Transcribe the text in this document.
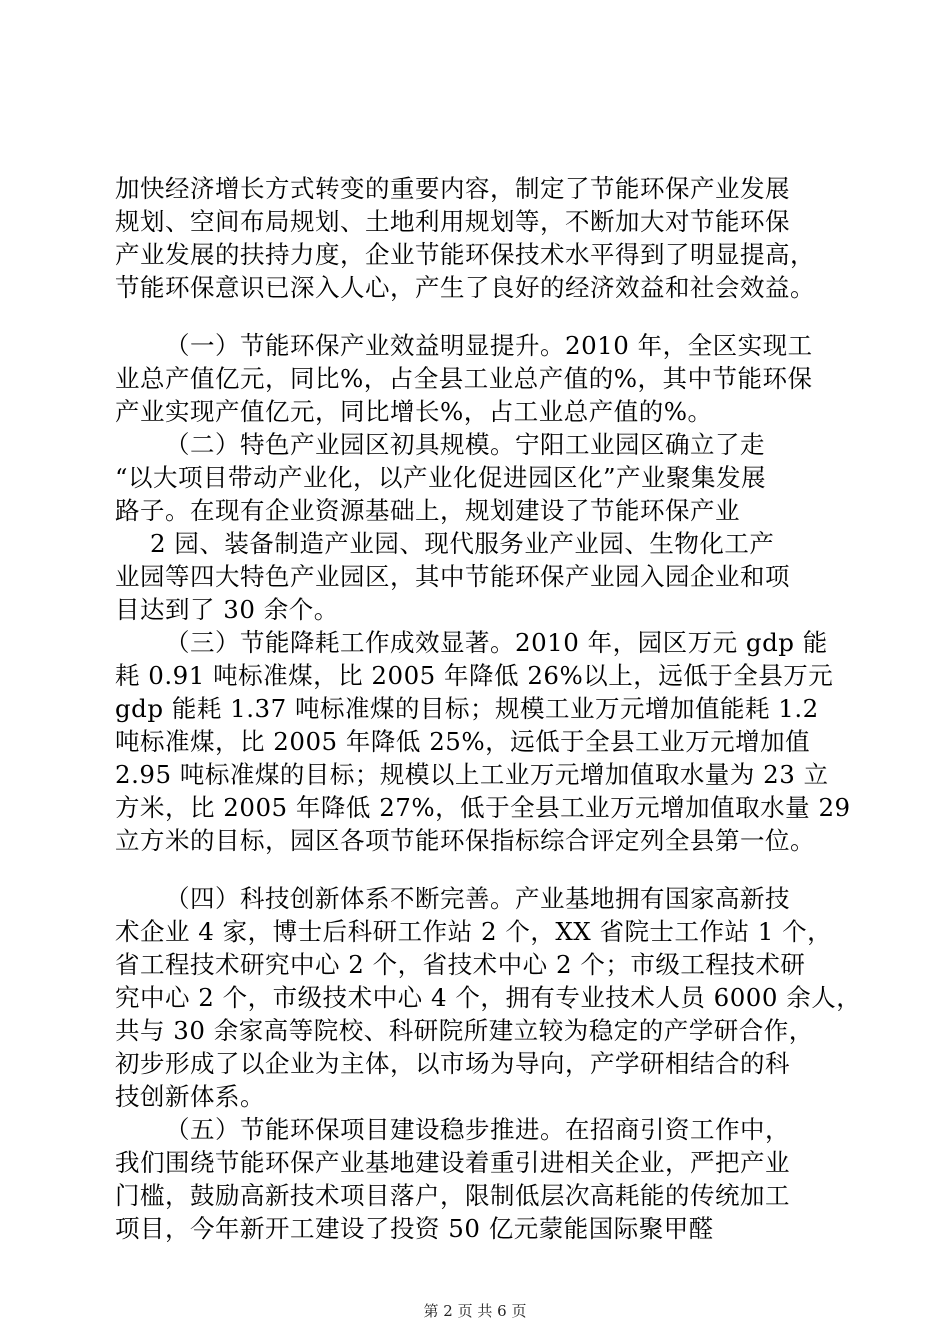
加快经济增长方式转变的重要内容，制定了节能环保产业发展
规划、空间布局规划、土地利用规划等，不断加大对节能环保
产业发展的扶持力度，企业节能环保技术水平得到了明显提高，
节能环保意识已深入人心，产生了良好的经济效益和社会效益。
（一）节能环保产业效益明显提升。2010 年，全区实现工
业总产值亿元，同比%，占全县工业总产值的%，其中节能环保
产业实现产值亿元，同比增长%，占工业总产值的%。
（二）特色产业园区初具规模。宁阳工业园区确立了走
“以大项目带动产业化，以产业化促进园区化”产业聚集发展
路子。在现有企业资源基础上，规划建设了节能环保产业
2 园、装备制造产业园、现代服务业产业园、生物化工产
业园等四大特色产业园区，其中节能环保产业园入园企业和项
目达到了 30 余个。
（三）节能降耗工作成效显著。2010 年，园区万元 gdp 能
耗 0.91 吨标准煤，比 2005 年降低 26%以上，远低于全县万元
gdp 能耗 1.37 吨标准煤的目标；规模工业万元增加值能耗 1.2
吨标准煤，比 2005 年降低 25%，远低于全县工业万元增加值
2.95 吨标准煤的目标；规模以上工业万元增加值取水量为 23 立
方米，比 2005 年降低 27%，低于全县工业万元增加值取水量 29
立方米的目标，园区各项节能环保指标综合评定列全县第一位。
（四）科技创新体系不断完善。产业基地拥有国家高新技
术企业 4 家，博士后科研工作站 2 个，XX 省院士工作站 1 个，
省工程技术研究中心 2 个，省技术中心 2 个；市级工程技术研
究中心 2 个，市级技术中心 4 个，拥有专业技术人员 6000 余人，
共与 30 余家高等院校、科研院所建立较为稳定的产学研合作，
初步形成了以企业为主体，以市场为导向，产学研相结合的科
技创新体系。
（五）节能环保项目建设稳步推进。在招商引资工作中，
我们围绕节能环保产业基地建设着重引进相关企业，严把产业
门槛，鼓励高新技术项目落户，限制低层次高耗能的传统加工
项目，今年新开工建设了投资 50 亿元蒙能国际聚甲醛
第 2 页 共 6 页
